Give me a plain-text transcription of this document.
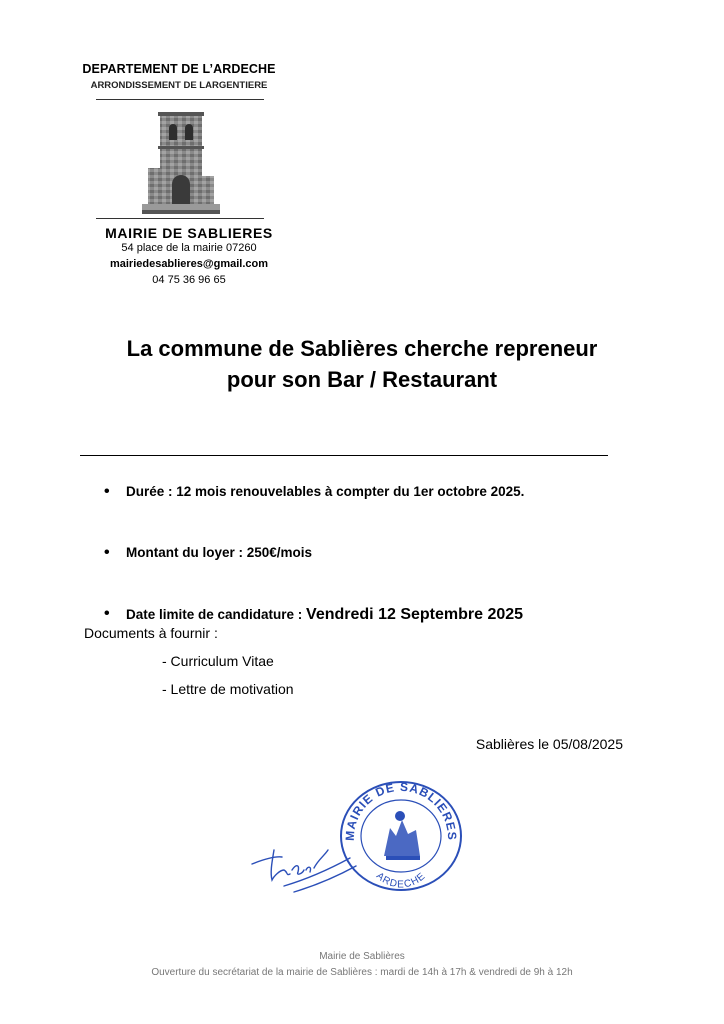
DEPARTEMENT DE L’ARDECHE
ARRONDISSEMENT DE LARGENTIERE
MAIRIE DE SABLIERES
54 place de la mairie 07260
mairiedesablieres@gmail.com
04 75 36 96 65
La commune de Sablières cherche repreneur
pour son Bar / Restaurant
• Durée : 12 mois renouvelables à compter du 1er octobre 2025.
• Montant du loyer : 250€/mois
• Date limite de candidature : Vendredi 12 Septembre 2025
Documents à fournir :
- Curriculum Vitae
- Lettre de motivation
Sablières le 05/08/2025
MAIRIE DE SABLIERES
ARDECHE
Mairie de Sablières
Ouverture du secrétariat de la mairie de Sablières : mardi de 14h à 17h & vendredi de 9h à 12h
